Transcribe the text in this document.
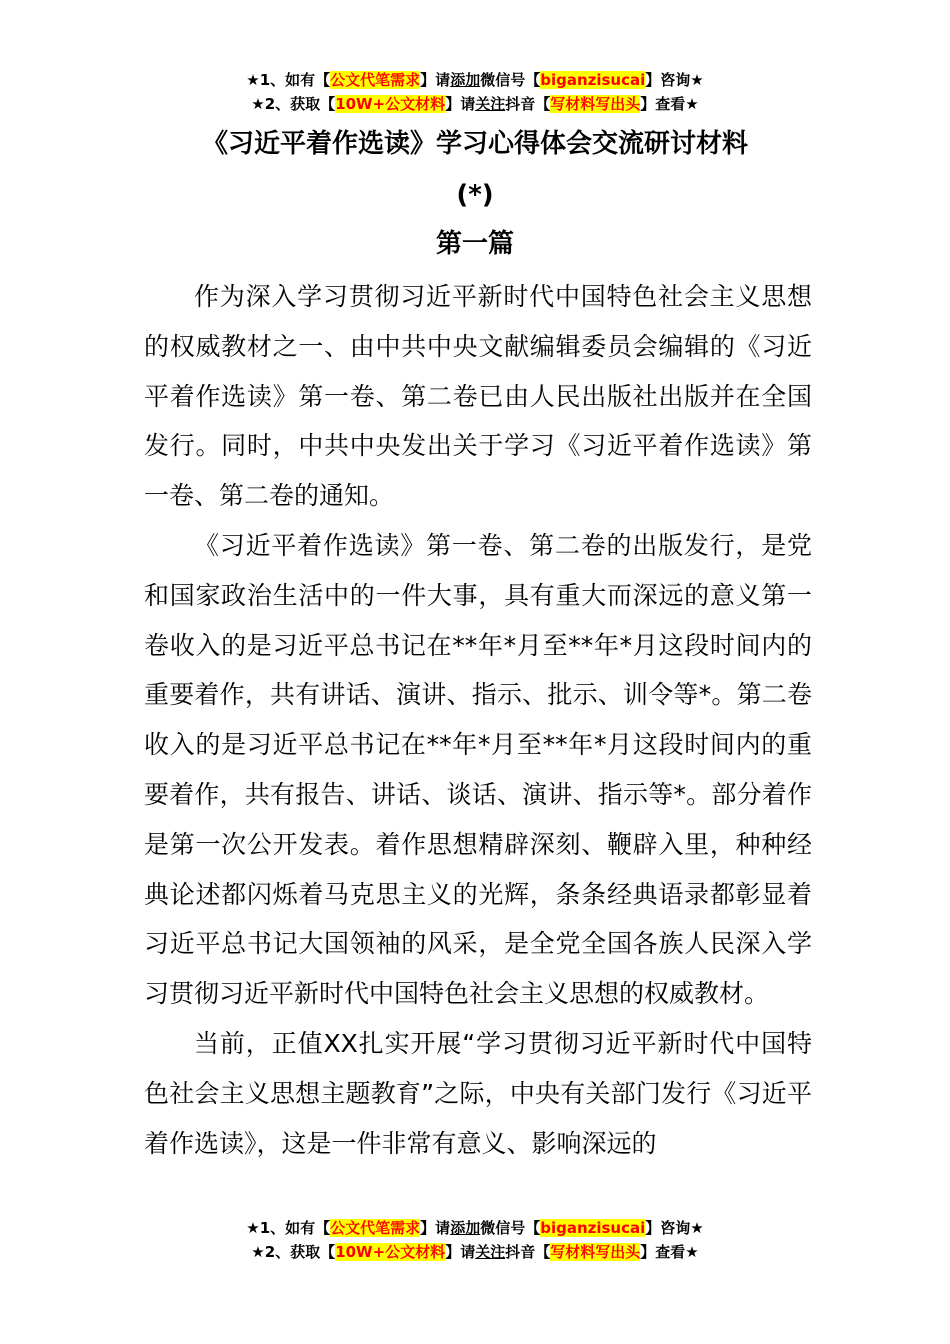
★1、如有【公文代笔需求】请添加微信号【biganzisucai】咨询★
★2、获取【10W+公文材料】请关注抖音【写材料写出头】查看★
《习近平着作选读》学习心得体会交流研讨材料
(*)
第一篇

作为深入学习贯彻习近平新时代中国特色社会主义思想的权威教材之一、由中共中央文献编辑委员会编辑的《习近平着作选读》第一卷、第二卷已由人民出版社出版并在全国发行。同时，中共中央发出关于学习《习近平着作选读》第一卷、第二卷的通知。

《习近平着作选读》第一卷、第二卷的出版发行，是党和国家政治生活中的一件大事，具有重大而深远的意义第一卷收入的是习近平总书记在**年*月至**年*月这段时间内的重要着作，共有讲话、演讲、指示、批示、训令等*。第二卷收入的是习近平总书记在**年*月至**年*月这段时间内的重要着作，共有报告、讲话、谈话、演讲、指示等*。部分着作是第一次公开发表。着作思想精辟深刻、鞭辟入里，种种经典论述都闪烁着马克思主义的光辉，条条经典语录都彰显着习近平总书记大国领袖的风采，是全党全国各族人民深入学习贯彻习近平新时代中国特色社会主义思想的权威教材。

当前，正值XX扎实开展“学习贯彻习近平新时代中国特色社会主义思想主题教育”之际，中央有关部门发行《习近平着作选读》，这是一件非常有意义、影响深远的

★1、如有【公文代笔需求】请添加微信号【biganzisucai】咨询★
★2、获取【10W+公文材料】请关注抖音【写材料写出头】查看★
